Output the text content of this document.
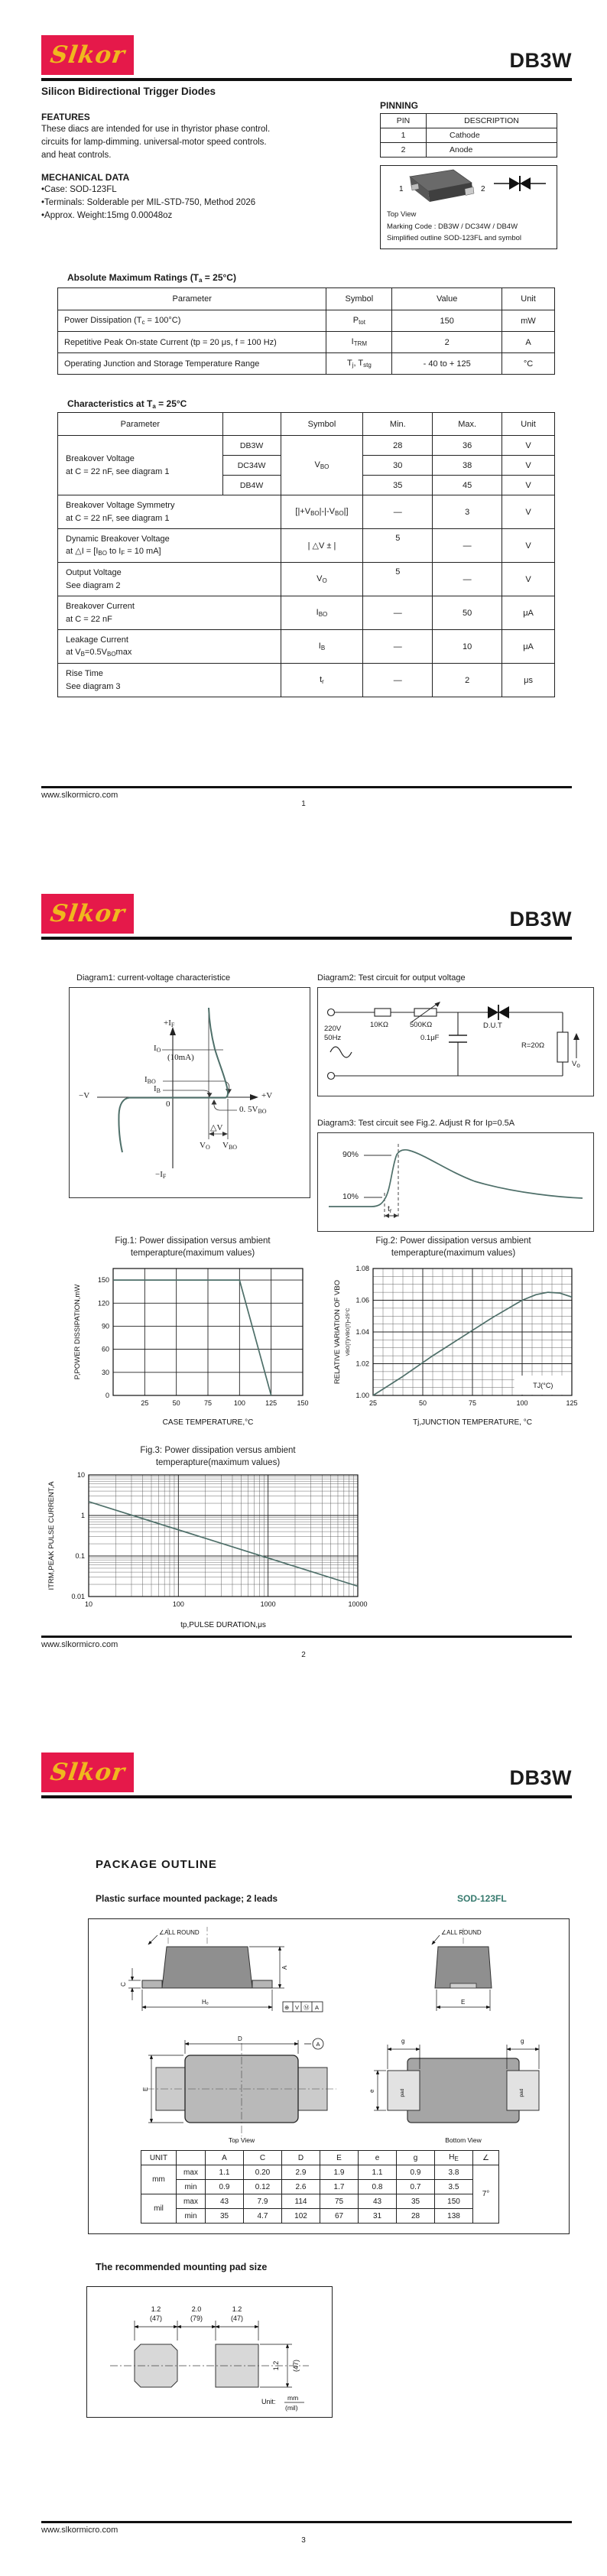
Slkor	DB3W
Silicon Bidirectional Trigger Diodes
FEATURES
These diacs are intended for use in thyristor phase control.
circuits for lamp-dimming. universal-motor speed controls.
and heat controls.
MECHANICAL DATA
•Case: SOD-123FL
•Terminals: Solderable per MIL-STD-750, Method 2026
•Approx. Weight:15mg 0.00048oz
PINNING
PIN	DESCRIPTION
1	Cathode
2	Anode
1	2
Top View
Marking Code : DB3W / DC34W / DB4W
Simplified outline SOD-123FL and symbol
Absolute Maximum Ratings $(T_a = 25^\circ C)$
Parameter	Symbol	Value	Unit
Power Dissipation $(T_c = 100^\circ C)$	$P_{tot}$	150	mW
Repetitive Peak On-state Current (tp = 20 μs, f = 100 Hz)	$I_{TRM}$	2	A
Operating Junction and Storage Temperature Range	$T_j$, $T_{stg}$	- 40 to + 125	°C
Characteristics at $T_a = 25^\circ C$
Parameter		Symbol	Min.	Max.	Unit
Breakover Voltage
at C = 22 nF, see diagram 1	DB3W	$V_{BO}$	28	36	V
	DC34W		30	38	V
	DB4W		35	45	V
Breakover Voltage Symmetry
at C = 22 nF, see diagram 1		$[|+V_{BO}|-|-V_{BO}|]$	—	3	V
Dynamic Breakover Voltage
at △I = [$I_{BO}$ to $I_F = 10$ mA]		| △V ± |	5	—	V
Output Voltage
See diagram 2		$V_O$	5	—	V
Breakover Current
at C = 22 nF		$I_{BO}$	—	50	μA
Leakage Current
at $V_B=0.5V_{BO}\max$		$I_B$	—	10	μA
Rise Time
See diagram 3		$t_r$	—	2	μs
www.slkormicro.com
1
Slkor	DB3W
Diagram1: current-voltage characteristice	Diagram2: Test circuit for output voltage
$+I_F$
$I_O$
(10mA)
$I_{BO}$
$I_B$
0
−V	+V
0. $5V_{BO}$
△V
$V_O$ $V_{BO}$
$-I_F$
220V
50Hz
10KΩ	500KΩ
0.1μF
D.U.T
R=20Ω
$V_o$
Diagram3: Test circuit see Fig.2. Adjust R for Ip=0.5A
90%
10%
$t_r$
Fig.1: Power dissipation versus ambient
temperapture(maximum values)
25	50	75	100	125	150
0
30
60
90
120
150
CASE TEMPERATURE,°C
P,POWER DISSIPATION,mW
Fig.2: Power dissipation versus ambient
temperapture(maximum values)
TJ(°C)
25	50	75	100	125
1.00
1.02
1.04
1.06
1.08
Tj,JUNCTION TEMPERATURE, °C
RELATIVE VARIATION OF VBO VBO[T]/VBO[T]=25°C
Fig.3: Power dissipation versus ambient
temperapture(maximum values)
10	100	1000	10000
0.01
0.1
1
10
tp,PULSE DURATION,μs
ITRM,PEAK PULSE CURRENT,A
www.slkormicro.com
2
Slkor	DB3W
PACKAGE OUTLINE
Plastic surface mounted package; 2 leads	SOD-123FL
∠ALL ROUND
C
A
Hₑ
⊕ V Ⓜ A
∠ALL ROUND
E
D
A
E
Top View
pad	pad
g	g
e
Bottom View
UNIT		A	C	D	E	e	g	$H_E$	∠
mm	max	1.1	0.20	2.9	1.9	1.1	0.9	3.8	7°
	min	0.9	0.12	2.6	1.7	0.8	0.7	3.5	
mil	max	43	7.9	114	75	43	35	150	
	min	35	4.7	102	67	31	28	138	
The recommended mounting pad size
1.2
(47)
2.0
(79)
1.2
(47)
1.2 (47)
Unit: mm
(mil)
www.slkormicro.com
3
